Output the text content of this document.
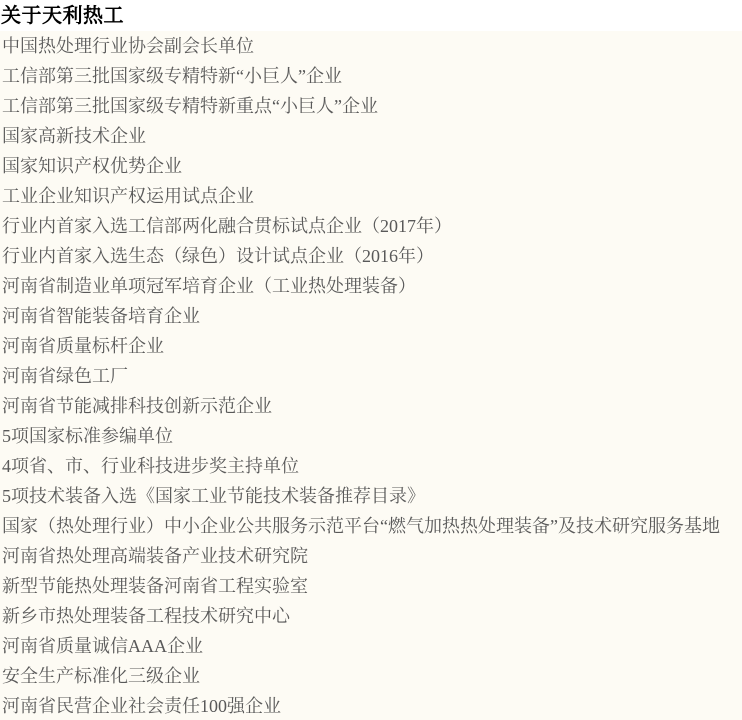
关于天利热工
中国热处理行业协会副会长单位
工信部第三批国家级专精特新“小巨人”企业
工信部第三批国家级专精特新重点“小巨人”企业
国家高新技术企业
国家知识产权优势企业
工业企业知识产权运用试点企业
行业内首家入选工信部两化融合贯标试点企业（2017年）
行业内首家入选生态（绿色）设计试点企业（2016年）
河南省制造业单项冠军培育企业（工业热处理装备）
河南省智能装备培育企业
河南省质量标杆企业
河南省绿色工厂
河南省节能减排科技创新示范企业
5项国家标准参编单位
4项省、市、行业科技进步奖主持单位
5项技术装备入选《国家工业节能技术装备推荐目录》
国家（热处理行业）中小企业公共服务示范平台“燃气加热热处理装备”及技术研究服务基地
河南省热处理高端装备产业技术研究院
新型节能热处理装备河南省工程实验室
新乡市热处理装备工程技术研究中心
河南省质量诚信AAA企业
安全生产标准化三级企业
河南省民营企业社会责任100强企业
